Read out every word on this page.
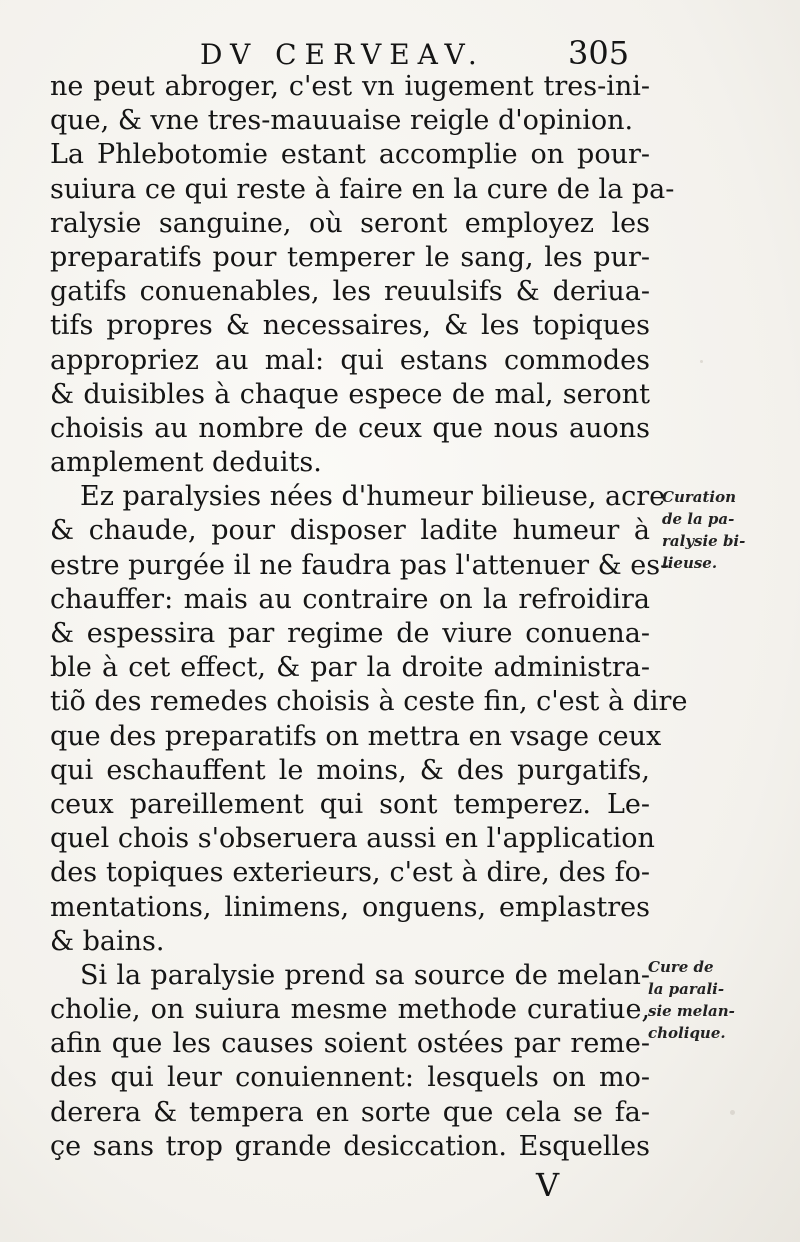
DV CERVEAV.	305
ne peut abroger, c'est vn iugement tres-ini-
que, & vne tres-mauuaise reigle d'opinion.
La Phlebotomie estant accomplie on pour-
suiura ce qui reste à faire en la cure de la pa-
ralysie sanguine, où seront employez les
preparatifs pour temperer le sang, les pur-
gatifs conuenables, les reuulsifs & deriua-
tifs propres & necessaires, & les topiques
appropriez au mal: qui estans commodes
& duisibles à chaque espece de mal, seront
choisis au nombre de ceux que nous auons
amplement deduits.
Ez paralysies nées d'humeur bilieuse, acre
& chaude, pour disposer ladite humeur à
estre purgée il ne faudra pas l'attenuer & es-
chauffer: mais au contraire on la refroidira
& espessira par regime de viure conuena-
ble à cet effect, & par la droite administra-
tiõ des remedes choisis à ceste fin, c'est à dire
que des preparatifs on mettra en vsage ceux
qui eschauffent le moins, & des purgatifs,
ceux pareillement qui sont temperez. Le-
quel chois s'obseruera aussi en l'application
des topiques exterieurs, c'est à dire, des fo-
mentations, linimens, onguens, emplastres
& bains.
Si la paralysie prend sa source de melan-
cholie, on suiura mesme methode curatiue,
afin que les causes soient ostées par reme-
des qui leur conuiennent: lesquels on mo-
derera & tempera en sorte que cela se fa-
çe sans trop grande desiccation. Esquelles
Curation
de la pa-
ralysie bi-
lieuse.
Cure de
la parali-
sie melan-
cholique.
V
